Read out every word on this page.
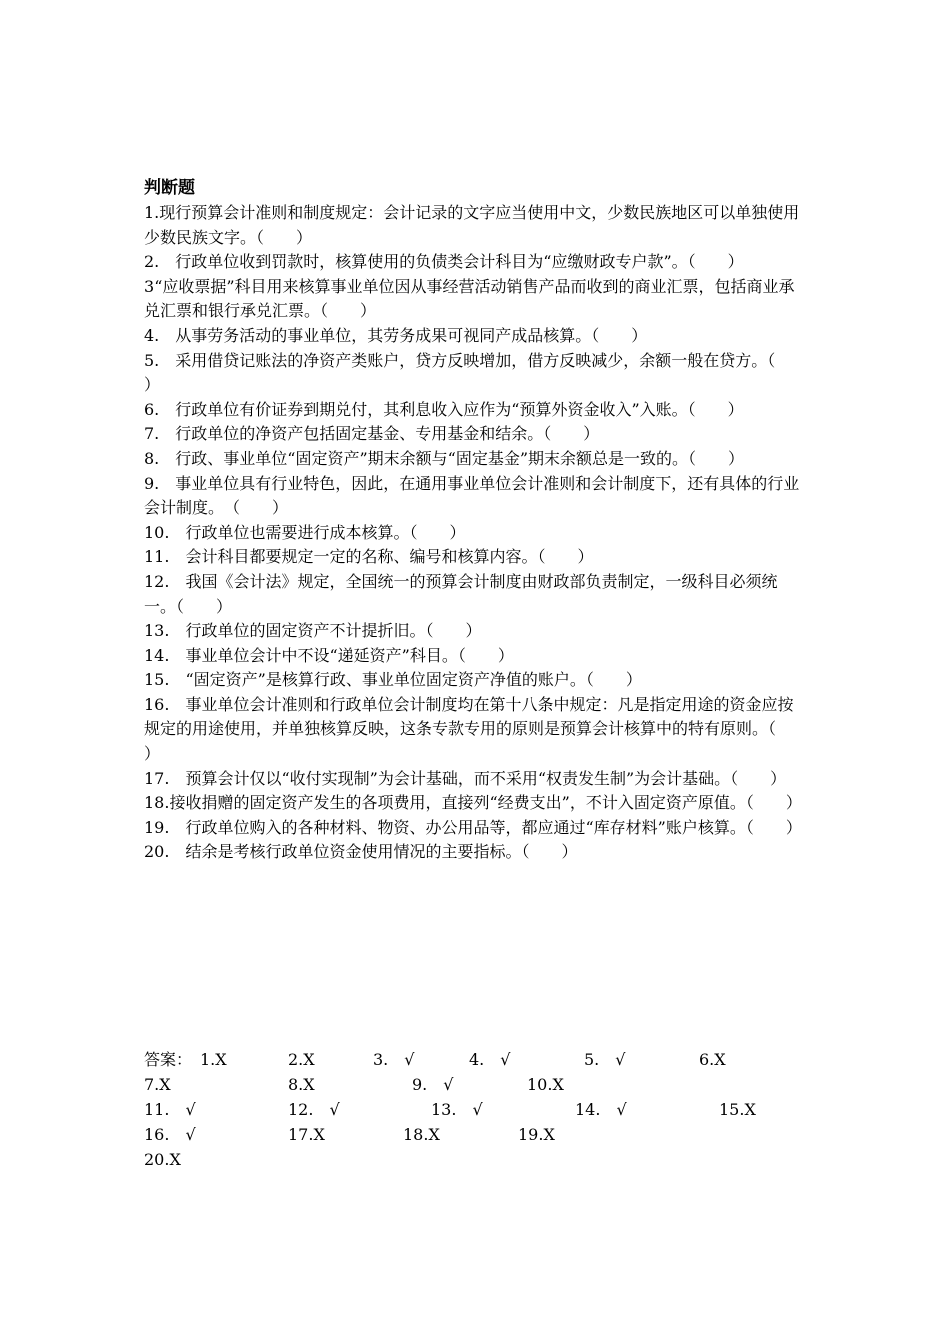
判断题

1.现行预算会计准则和制度规定：会计记录的文字应当使用中文，少数民族地区可以单独使用少数民族文字。（　　）

2.　行政单位收到罚款时，核算使用的负债类会计科目为“应缴财政专户款”。（　　）

3“应收票据”科目用来核算事业单位因从事经营活动销售产品而收到的商业汇票，包括商业承兑汇票和银行承兑汇票。（　　）

4.　从事劳务活动的事业单位，其劳务成果可视同产成品核算。（　　）

5.　采用借贷记账法的净资产类账户，贷方反映增加，借方反映减少，余额一般在贷方。（　　）

6.　行政单位有价证券到期兑付，其利息收入应作为“预算外资金收入”入账。（　　）

7.　行政单位的净资产包括固定基金、专用基金和结余。（　　）

8.　行政、事业单位“固定资产”期末余额与“固定基金”期末余额总是一致的。（　　）

9.　事业单位具有行业特色，因此，在通用事业单位会计准则和会计制度下，还有具体的行业会计制度。　（　　）

10.　行政单位也需要进行成本核算。（　　）

11.　会计科目都要规定一定的名称、编号和核算内容。（　　）

12.　我国《会计法》规定，全国统一的预算会计制度由财政部负责制定，一级科目必须统一。（　　）

13.　行政单位的固定资产不计提折旧。（　　）

14.　事业单位会计中不设“递延资产”科目。（　　）

15.　“固定资产”是核算行政、事业单位固定资产净值的账户。（　　）

16.　事业单位会计准则和行政单位会计制度均在第十八条中规定：凡是指定用途的资金应按规定的用途使用，并单独核算反映，这条专款专用的原则是预算会计核算中的特有原则。（　　）

17.　预算会计仅以“收付实现制”为会计基础，而不采用“权责发生制”为会计基础。（　　）

18.接收捐赠的固定资产发生的各项费用，直接列“经费支出”，不计入固定资产原值。（　　）

19.　行政单位购入的各种材料、物资、办公用品等，都应通过“库存材料”账户核算。（　　）

20.　结余是考核行政单位资金使用情况的主要指标。（　　）

答案： 1.X	2.X	3.　√	4.　√	5.　√	6.X
7.X	8.X	9.　√	10.X
11.　√	12.　√	13.　√	14.　√	15.X
16.　√	17.X	18.X	19.X
20.X
